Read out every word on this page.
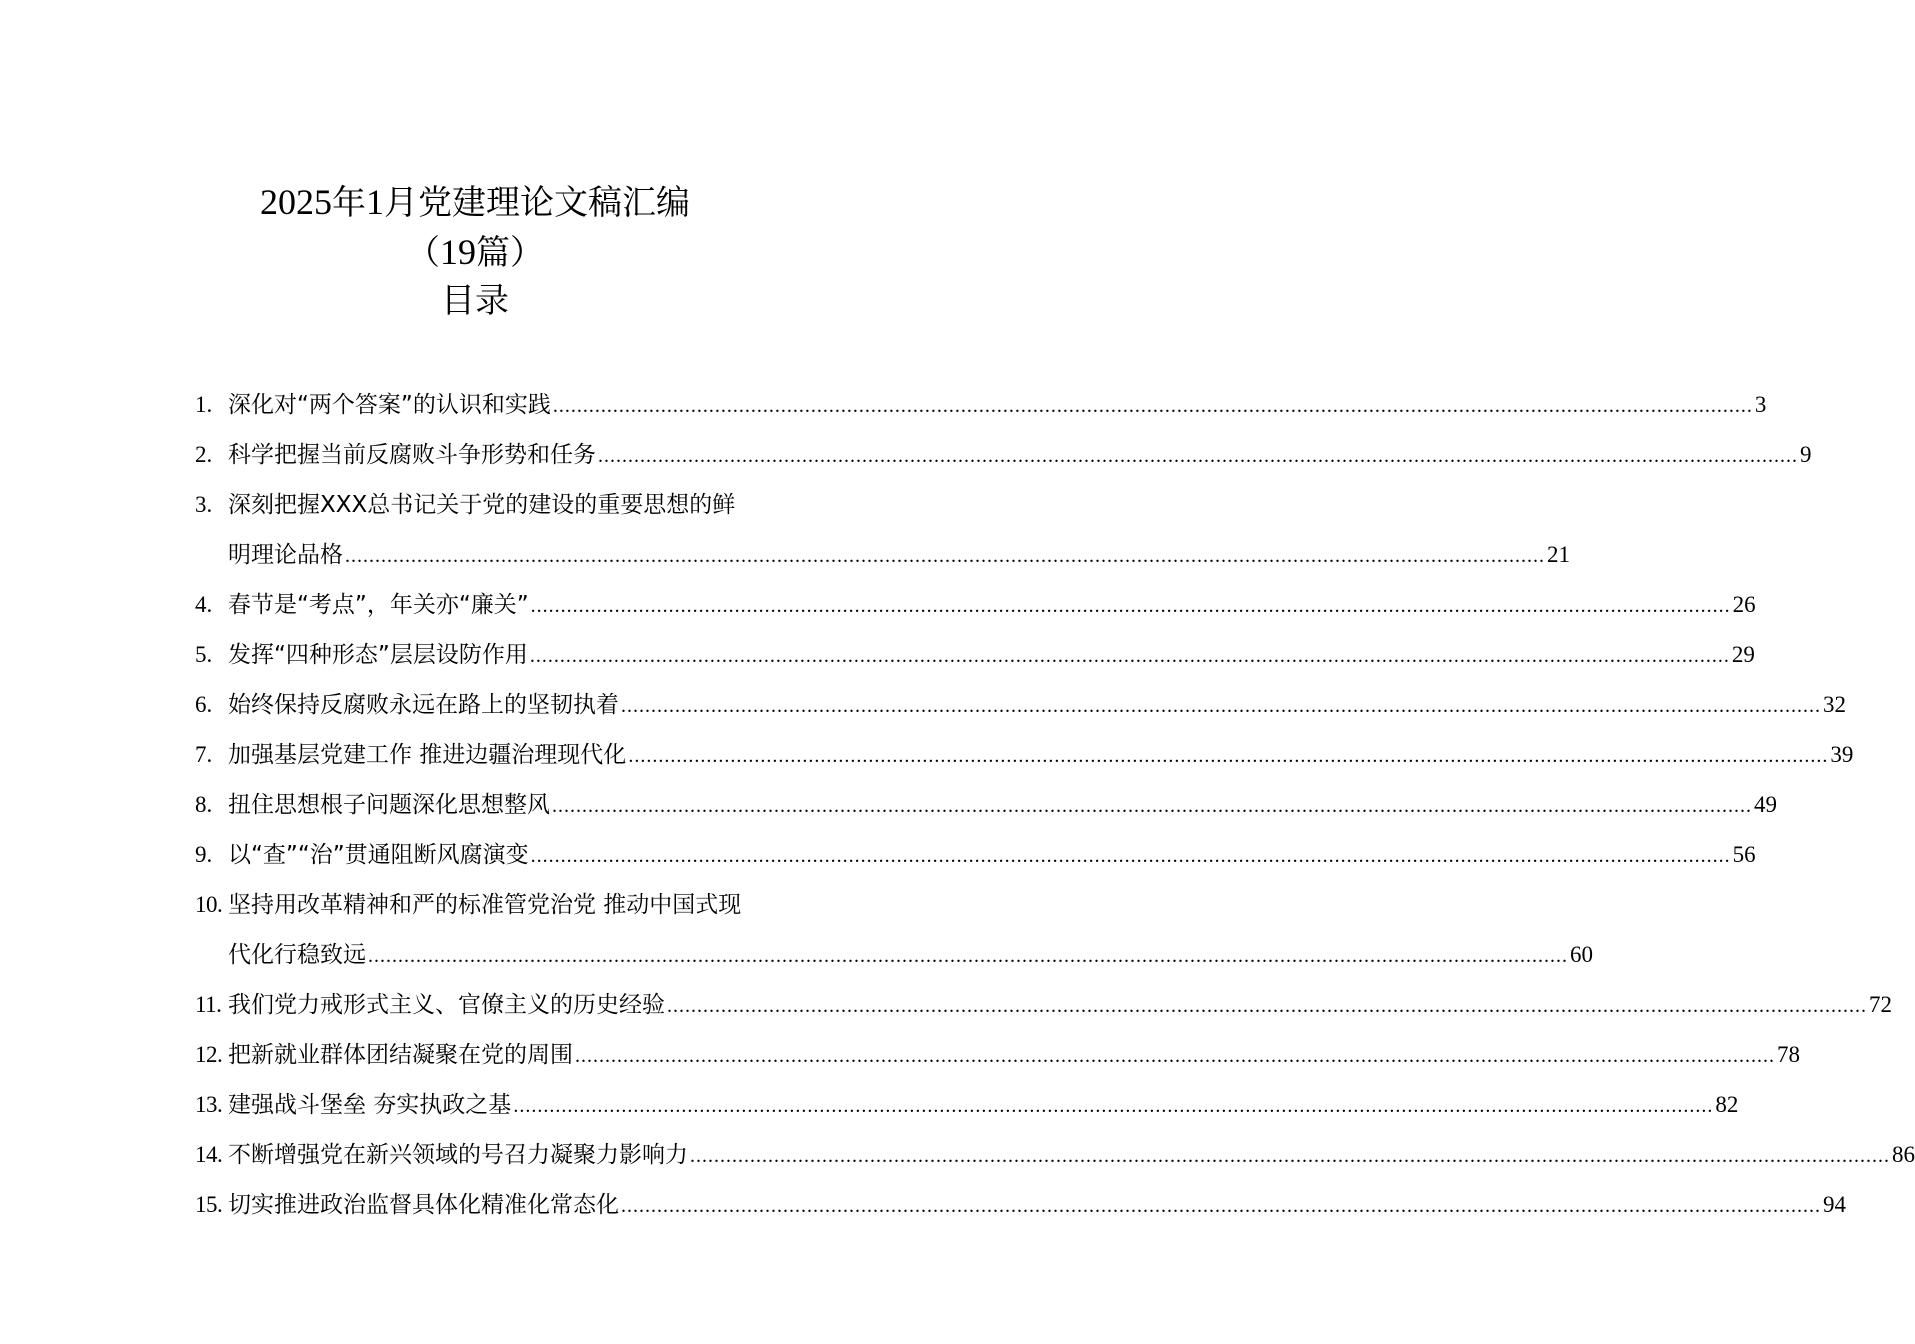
2025年1月党建理论文稿汇编
（19篇）
目录
1. 深化对“两个答案”的认识和实践 ........................................................................................................................................................................................................ 3
2. 科学把握当前反腐败斗争形势和任务 ........................................................................................................................................................................................................ 9
3. 深刻把握XXX总书记关于党的建设的重要思想的鲜
明理论品格 ........................................................................................................................................................................................................ 21
4. 春节是“考点”，年关亦“廉关” ........................................................................................................................................................................................................ 26
5. 发挥“四种形态”层层设防作用 ........................................................................................................................................................................................................ 29
6. 始终保持反腐败永远在路上的坚韧执着 ........................................................................................................................................................................................................ 32
7. 加强基层党建工作 推进边疆治理现代化 ........................................................................................................................................................................................................ 39
8. 扭住思想根子问题深化思想整风 ........................................................................................................................................................................................................ 49
9. 以“查”“治”贯通阻断风腐演变 ........................................................................................................................................................................................................ 56
10. 坚持用改革精神和严的标准管党治党 推动中国式现
代化行稳致远 ........................................................................................................................................................................................................ 60
11. 我们党力戒形式主义、官僚主义的历史经验 ........................................................................................................................................................................................................ 72
12. 把新就业群体团结凝聚在党的周围 ........................................................................................................................................................................................................ 78
13. 建强战斗堡垒 夯实执政之基 ........................................................................................................................................................................................................ 82
14. 不断增强党在新兴领域的号召力凝聚力影响力 ........................................................................................................................................................................................................ 86
15. 切实推进政治监督具体化精准化常态化 ........................................................................................................................................................................................................ 94
